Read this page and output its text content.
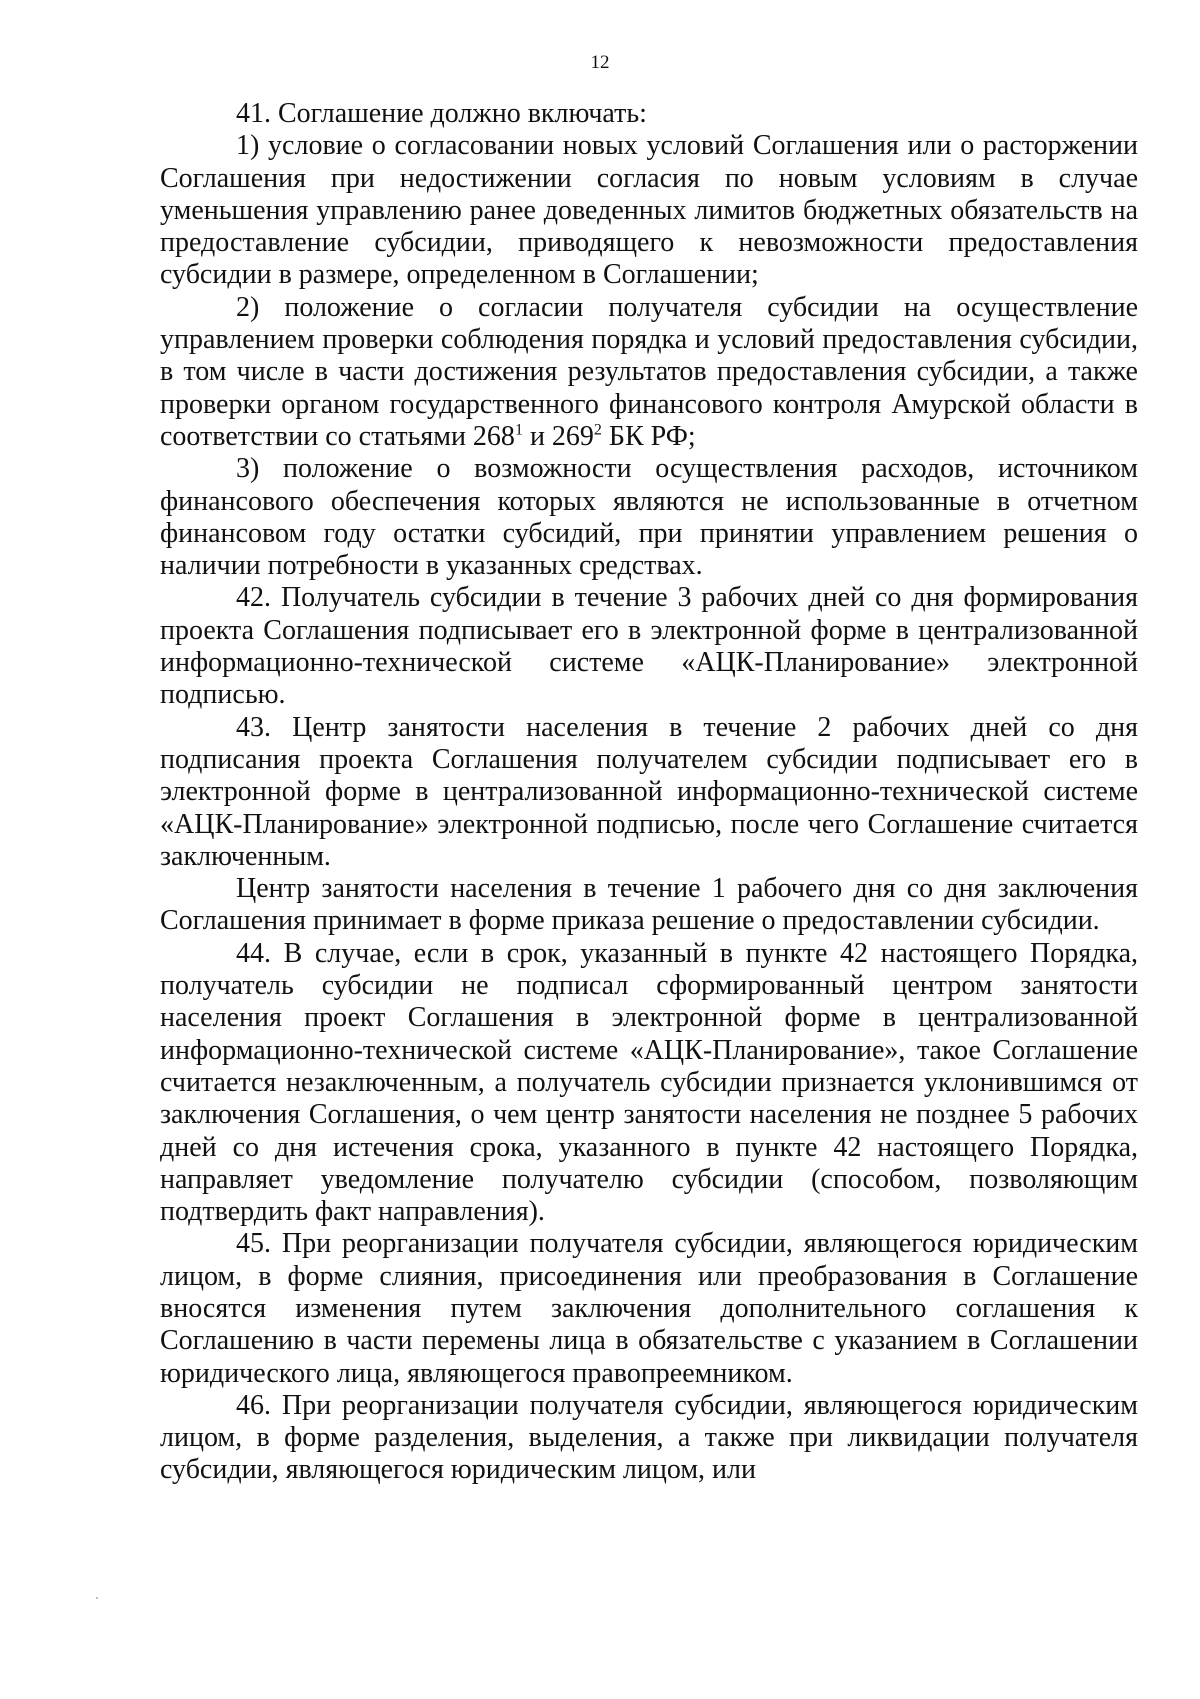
12

41. Соглашение должно включать:

1) условие о согласовании новых условий Соглашения или о расторжении Соглашения при недостижении согласия по новым условиям в случае уменьшения управлению ранее доведенных лимитов бюджетных обязательств на предоставление субсидии, приводящего к невозможности предоставления субсидии в размере, определенном в Соглашении;

2) положение о согласии получателя субсидии на осуществление управлением проверки соблюдения порядка и условий предоставления субсидии, в том числе в части достижения результатов предоставления субсидии, а также проверки органом государственного финансового контроля Амурской области в соответствии со статьями $268^1$ и $269^2$ БК РФ;

3) положение о возможности осуществления расходов, источником финансового обеспечения которых являются не использованные в отчетном финансовом году остатки субсидий, при принятии управлением решения о наличии потребности в указанных средствах.

42. Получатель субсидии в течение 3 рабочих дней со дня формирования проекта Соглашения подписывает его в электронной форме в централизованной информационно-технической системе «АЦК-Планирование» электронной подписью.

43. Центр занятости населения в течение 2 рабочих дней со дня подписания проекта Соглашения получателем субсидии подписывает его в электронной форме в централизованной информационно-технической системе «АЦК-Планирование» электронной подписью, после чего Соглашение считается заключенным.

Центр занятости населения в течение 1 рабочего дня со дня заключения Соглашения принимает в форме приказа решение о предоставлении субсидии.

44. В случае, если в срок, указанный в пункте 42 настоящего Порядка, получатель субсидии не подписал сформированный центром занятости населения проект Соглашения в электронной форме в централизованной информационно-технической системе «АЦК-Планирование», такое Соглашение считается незаключенным, а получатель субсидии признается уклонившимся от заключения Соглашения, о чем центр занятости населения не позднее 5 рабочих дней со дня истечения срока, указанного в пункте 42 настоящего Порядка, направляет уведомление получателю субсидии (способом, позволяющим подтвердить факт направления).

45. При реорганизации получателя субсидии, являющегося юридическим лицом, в форме слияния, присоединения или преобразования в Соглашение вносятся изменения путем заключения дополнительного соглашения к Соглашению в части перемены лица в обязательстве с указанием в Соглашении юридического лица, являющегося правопреемником.

46. При реорганизации получателя субсидии, являющегося юридическим лицом, в форме разделения, выделения, а также при ликвидации получателя субсидии, являющегося юридическим лицом, или
